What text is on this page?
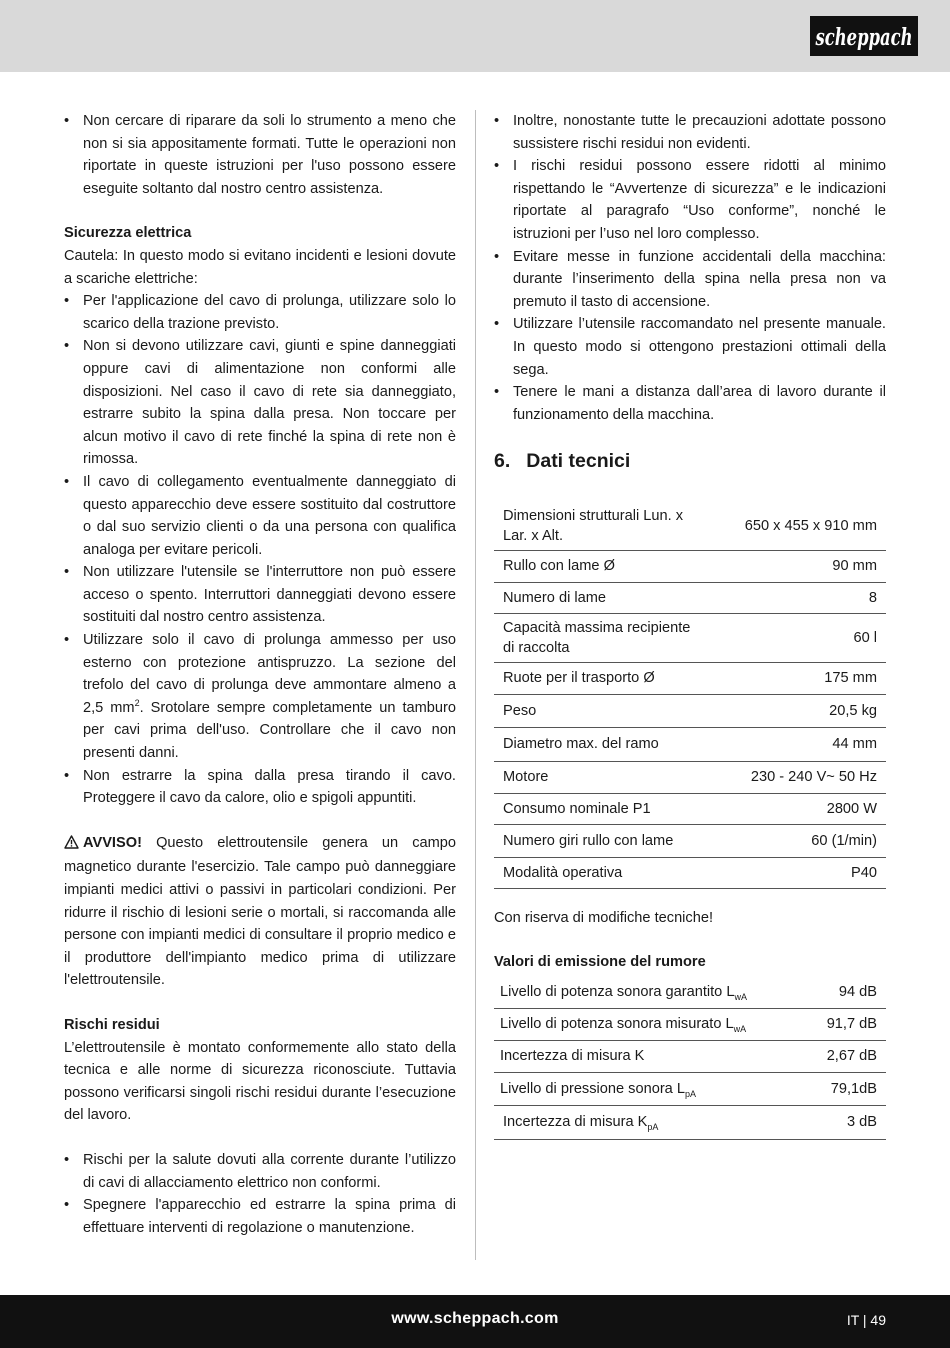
scheppach
• Non cercare di riparare da soli lo strumento a meno che non si sia appositamente formati. Tutte le operazioni non riportate in queste istruzioni per l'uso possono essere eseguite soltanto dal nostro centro assistenza.
Sicurezza elettrica

Cautela: In questo modo si evitano incidenti e lesioni dovute a scariche elettriche:

• Per l'applicazione del cavo di prolunga, utilizzare solo lo scarico della trazione previsto.
• Non si devono utilizzare cavi, giunti e spine danneggiati oppure cavi di alimentazione non conformi alle disposizioni. Nel caso il cavo di rete sia danneggiato, estrarre subito la spina dalla presa. Non toccare per alcun motivo il cavo di rete finché la spina di rete non è rimossa.
• Il cavo di collegamento eventualmente danneggiato di questo apparecchio deve essere sostituito dal costruttore o dal suo servizio clienti o da una persona con qualifica analoga per evitare pericoli.
• Non utilizzare l'utensile se l'interruttore non può essere acceso o spento. Interruttori danneggiati devono essere sostituiti dal nostro centro assistenza.
• Utilizzare solo il cavo di prolunga ammesso per uso esterno con protezione antispruzzo. La sezione del trefolo del cavo di prolunga deve ammontare almeno a 2,5 $mm^2$. Srotolare sempre completamente un tamburo per cavi prima dell'uso. Controllare che il cavo non presenti danni.
• Non estrarre la spina dalla presa tirando il cavo. Proteggere il cavo da calore, olio e spigoli appuntiti.

AVVISO! Questo elettroutensile genera un campo magnetico durante l'esercizio. Tale campo può danneggiare impianti medici attivi o passivi in particolari condizioni. Per ridurre il rischio di lesioni serie o mortali, si raccomanda alle persone con impianti medici di consultare il proprio medico e il produttore dell'impianto medico prima di utilizzare l'elettroutensile.

Rischi residui

L’elettroutensile è montato conformemente allo stato della tecnica e alle norme di sicurezza riconosciute. Tuttavia possono verificarsi singoli rischi residui durante l’esecuzione del lavoro.

• Rischi per la salute dovuti alla corrente durante l’utilizzo di cavi di allacciamento elettrico non conformi.
• Spegnere l'apparecchio ed estrarre la spina prima di effettuare interventi di regolazione o manutenzione.
• Inoltre, nonostante tutte le precauzioni adottate possono sussistere rischi residui non evidenti.
• I rischi residui possono essere ridotti al minimo rispettando le “Avvertenze di sicurezza” e le indicazioni riportate al paragrafo “Uso conforme”, nonché le istruzioni per l’uso nel loro complesso.
• Evitare messe in funzione accidentali della macchina: durante l’inserimento della spina nella presa non va premuto il tasto di accensione.
• Utilizzare l’utensile raccomandato nel presente manuale. In questo modo si ottengono prestazioni ottimali della sega.
• Tenere le mani a distanza dall’area di lavoro durante il funzionamento della macchina.
6. Dati tecnici
Dimensioni strutturali Lun. x Lar. x Alt.	650 x 455 x 910 mm
Rullo con lame Ø	90 mm
Numero di lame	8
Capacità massima recipiente di raccolta	60 l
Ruote per il trasporto Ø	175 mm
Peso	20,5 kg
Diametro max. del ramo	44 mm
Motore	230 - 240 V~ 50 Hz
Consumo nominale P1	2800 W
Numero giri rullo con lame	60 (1/min)
Modalità operativa	P40

Con riserva di modifiche tecniche!

Valori di emissione del rumore
Livello di potenza sonora garantito $L_{wA}$	94 dB
Livello di potenza sonora misurato $L_{wA}$	91,7 dB
Incertezza di misura K	2,67 dB
Livello di pressione sonora $L_{pA}$	79,1dB
Incertezza di misura $K_{pA}$	3 dB
www.scheppach.com	IT | 49
